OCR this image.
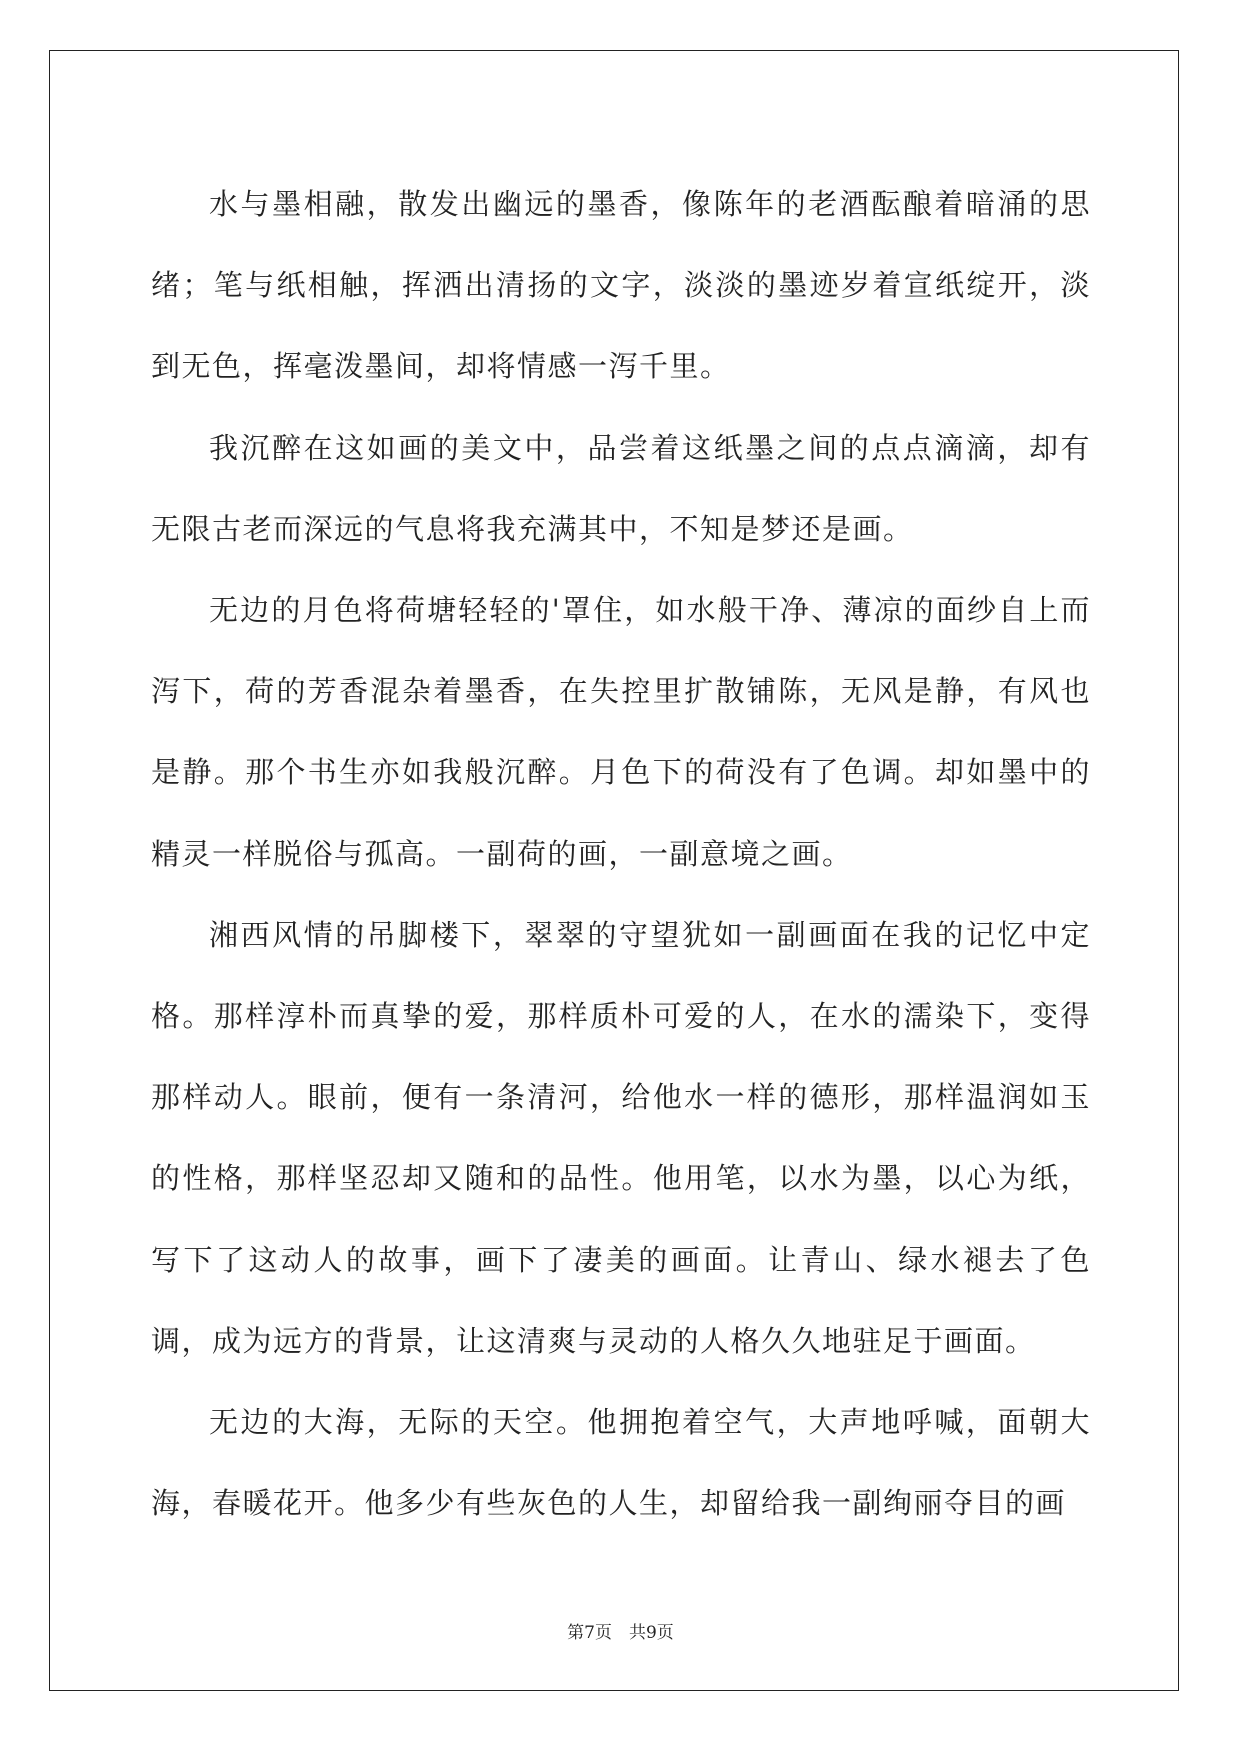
水与墨相融，散发出幽远的墨香，像陈年的老酒酝酿着暗涌的思绪；笔与纸相触，挥洒出清扬的文字，淡淡的墨迹岁着宣纸绽开，淡到无色，挥毫泼墨间，却将情感一泻千里。

我沉醉在这如画的美文中，品尝着这纸墨之间的点点滴滴，却有无限古老而深远的气息将我充满其中，不知是梦还是画。

无边的月色将荷塘轻轻的'罩住，如水般干净、薄凉的面纱自上而泻下，荷的芳香混杂着墨香，在失控里扩散铺陈，无风是静，有风也是静。那个书生亦如我般沉醉。月色下的荷没有了色调。却如墨中的精灵一样脱俗与孤高。一副荷的画，一副意境之画。

湘西风情的吊脚楼下，翠翠的守望犹如一副画面在我的记忆中定格。那样淳朴而真挚的爱，那样质朴可爱的人，在水的濡染下，变得那样动人。眼前，便有一条清河，给他水一样的德形，那样温润如玉的性格，那样坚忍却又随和的品性。他用笔，以水为墨，以心为纸，写下了这动人的故事，画下了凄美的画面。让青山、绿水褪去了色调，成为远方的背景，让这清爽与灵动的人格久久地驻足于画面。

无边的大海，无际的天空。他拥抱着空气，大声地呼喊，面朝大海，春暖花开。他多少有些灰色的人生，却留给我一副绚丽夺目的画

第7页　共9页
